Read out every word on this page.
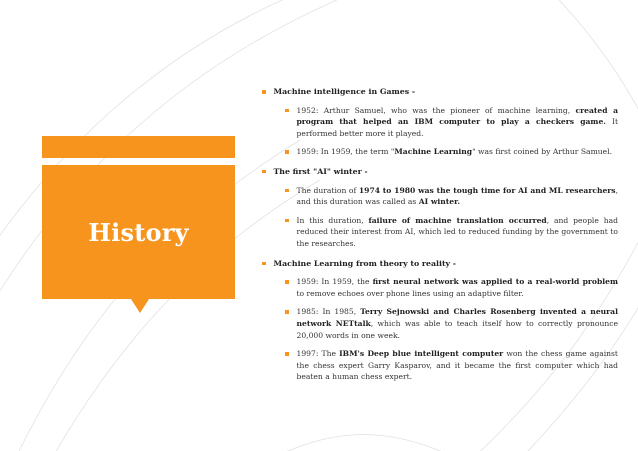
History
Machine intelligence in Games -
1952: Arthur Samuel, who was the pioneer of machine learning, created a program that helped an IBM computer to play a checkers game. It performed better more it played.
1959: In 1959, the term "Machine Learning" was first coined by Arthur Samuel.
The first "AI" winter -
The duration of 1974 to 1980 was the tough time for AI and ML researchers, and this duration was called as AI winter.
In this duration, failure of machine translation occurred, and people had reduced their interest from AI, which led to reduced funding by the government to the researches.
Machine Learning from theory to reality -
1959: In 1959, the first neural network was applied to a real-world problem to remove echoes over phone lines using an adaptive filter.
1985: In 1985, Terry Sejnowski and Charles Rosenberg invented a neural network NETtalk, which was able to teach itself how to correctly pronounce 20,000 words in one week.
1997: The IBM's Deep blue intelligent computer won the chess game against the chess expert Garry Kasparov, and it became the first computer which had beaten a human chess expert.
